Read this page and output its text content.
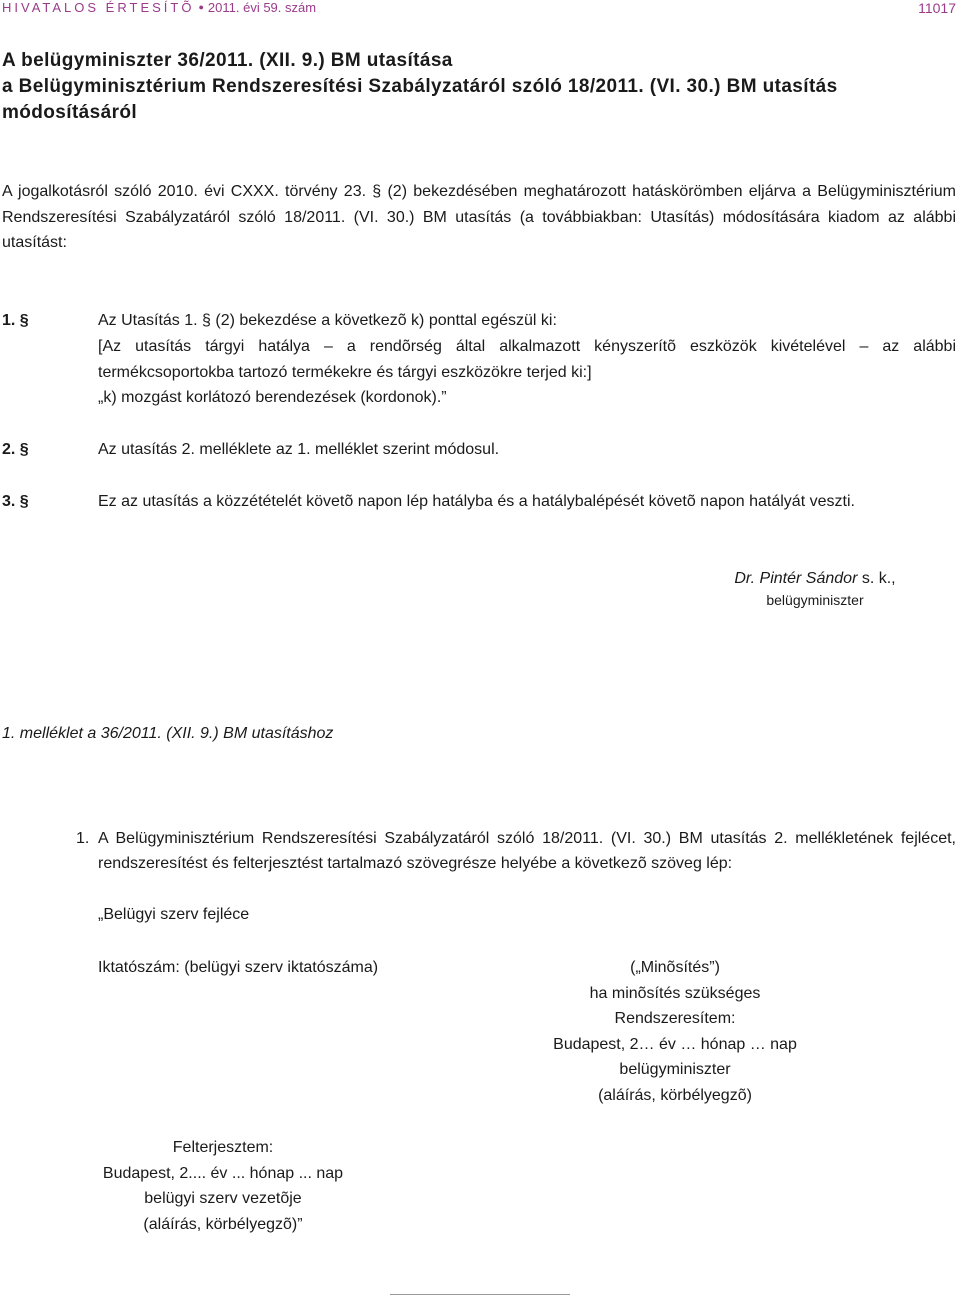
HIVATALOS ÉRTESÍTÕ ● 2011. évi 59. szám	11017
A belügyminiszter 36/2011. (XII. 9.) BM utasítása
a Belügyminisztérium Rendszeresítési Szabályzatáról szóló 18/2011. (VI. 30.) BM utasítás
módosításáról
A jogalkotásról szóló 2010. évi CXXX. törvény 23. § (2) bekezdésében meghatározott hatáskörömben eljárva a Belügyminisztérium Rendszeresítési Szabályzatáról szóló 18/2011. (VI. 30.) BM utasítás (a továbbiakban: Utasítás) módosítására kiadom az alábbi utasítást:
1. §	Az Utasítás 1. § (2) bekezdése a következõ k) ponttal egészül ki:
[Az utasítás tárgyi hatálya – a rendõrség által alkalmazott kényszerítõ eszközök kivételével – az alábbi termékcsoportokba tartozó termékekre és tárgyi eszközökre terjed ki:]
„k) mozgást korlátozó berendezések (kordonok).”
2. §	Az utasítás 2. melléklete az 1. melléklet szerint módosul.
3. §	Ez az utasítás a közzétételét követõ napon lép hatályba és a hatálybalépését követõ napon hatályát veszti.
Dr. Pintér Sándor s. k.,
belügyminiszter
1. melléklet a 36/2011. (XII. 9.) BM utasításhoz
1. A Belügyminisztérium Rendszeresítési Szabályzatáról szóló 18/2011. (VI. 30.) BM utasítás 2. mellékletének fejlécet,
rendszeresítést és felterjesztést tartalmazó szövegrésze helyébe a következõ szöveg lép:
„Belügyi szerv fejléce
Iktatószám: (belügyi szerv iktatószáma)	(„Minõsítés”)
ha minõsítés szükséges
Rendszeresítem:
Budapest, 2… év … hónap … nap
belügyminiszter
(aláírás, körbélyegzõ)
Felterjesztem:
Budapest, 2.... év ... hónap ... nap
belügyi szerv vezetõje
(aláírás, körbélyegzõ)”
